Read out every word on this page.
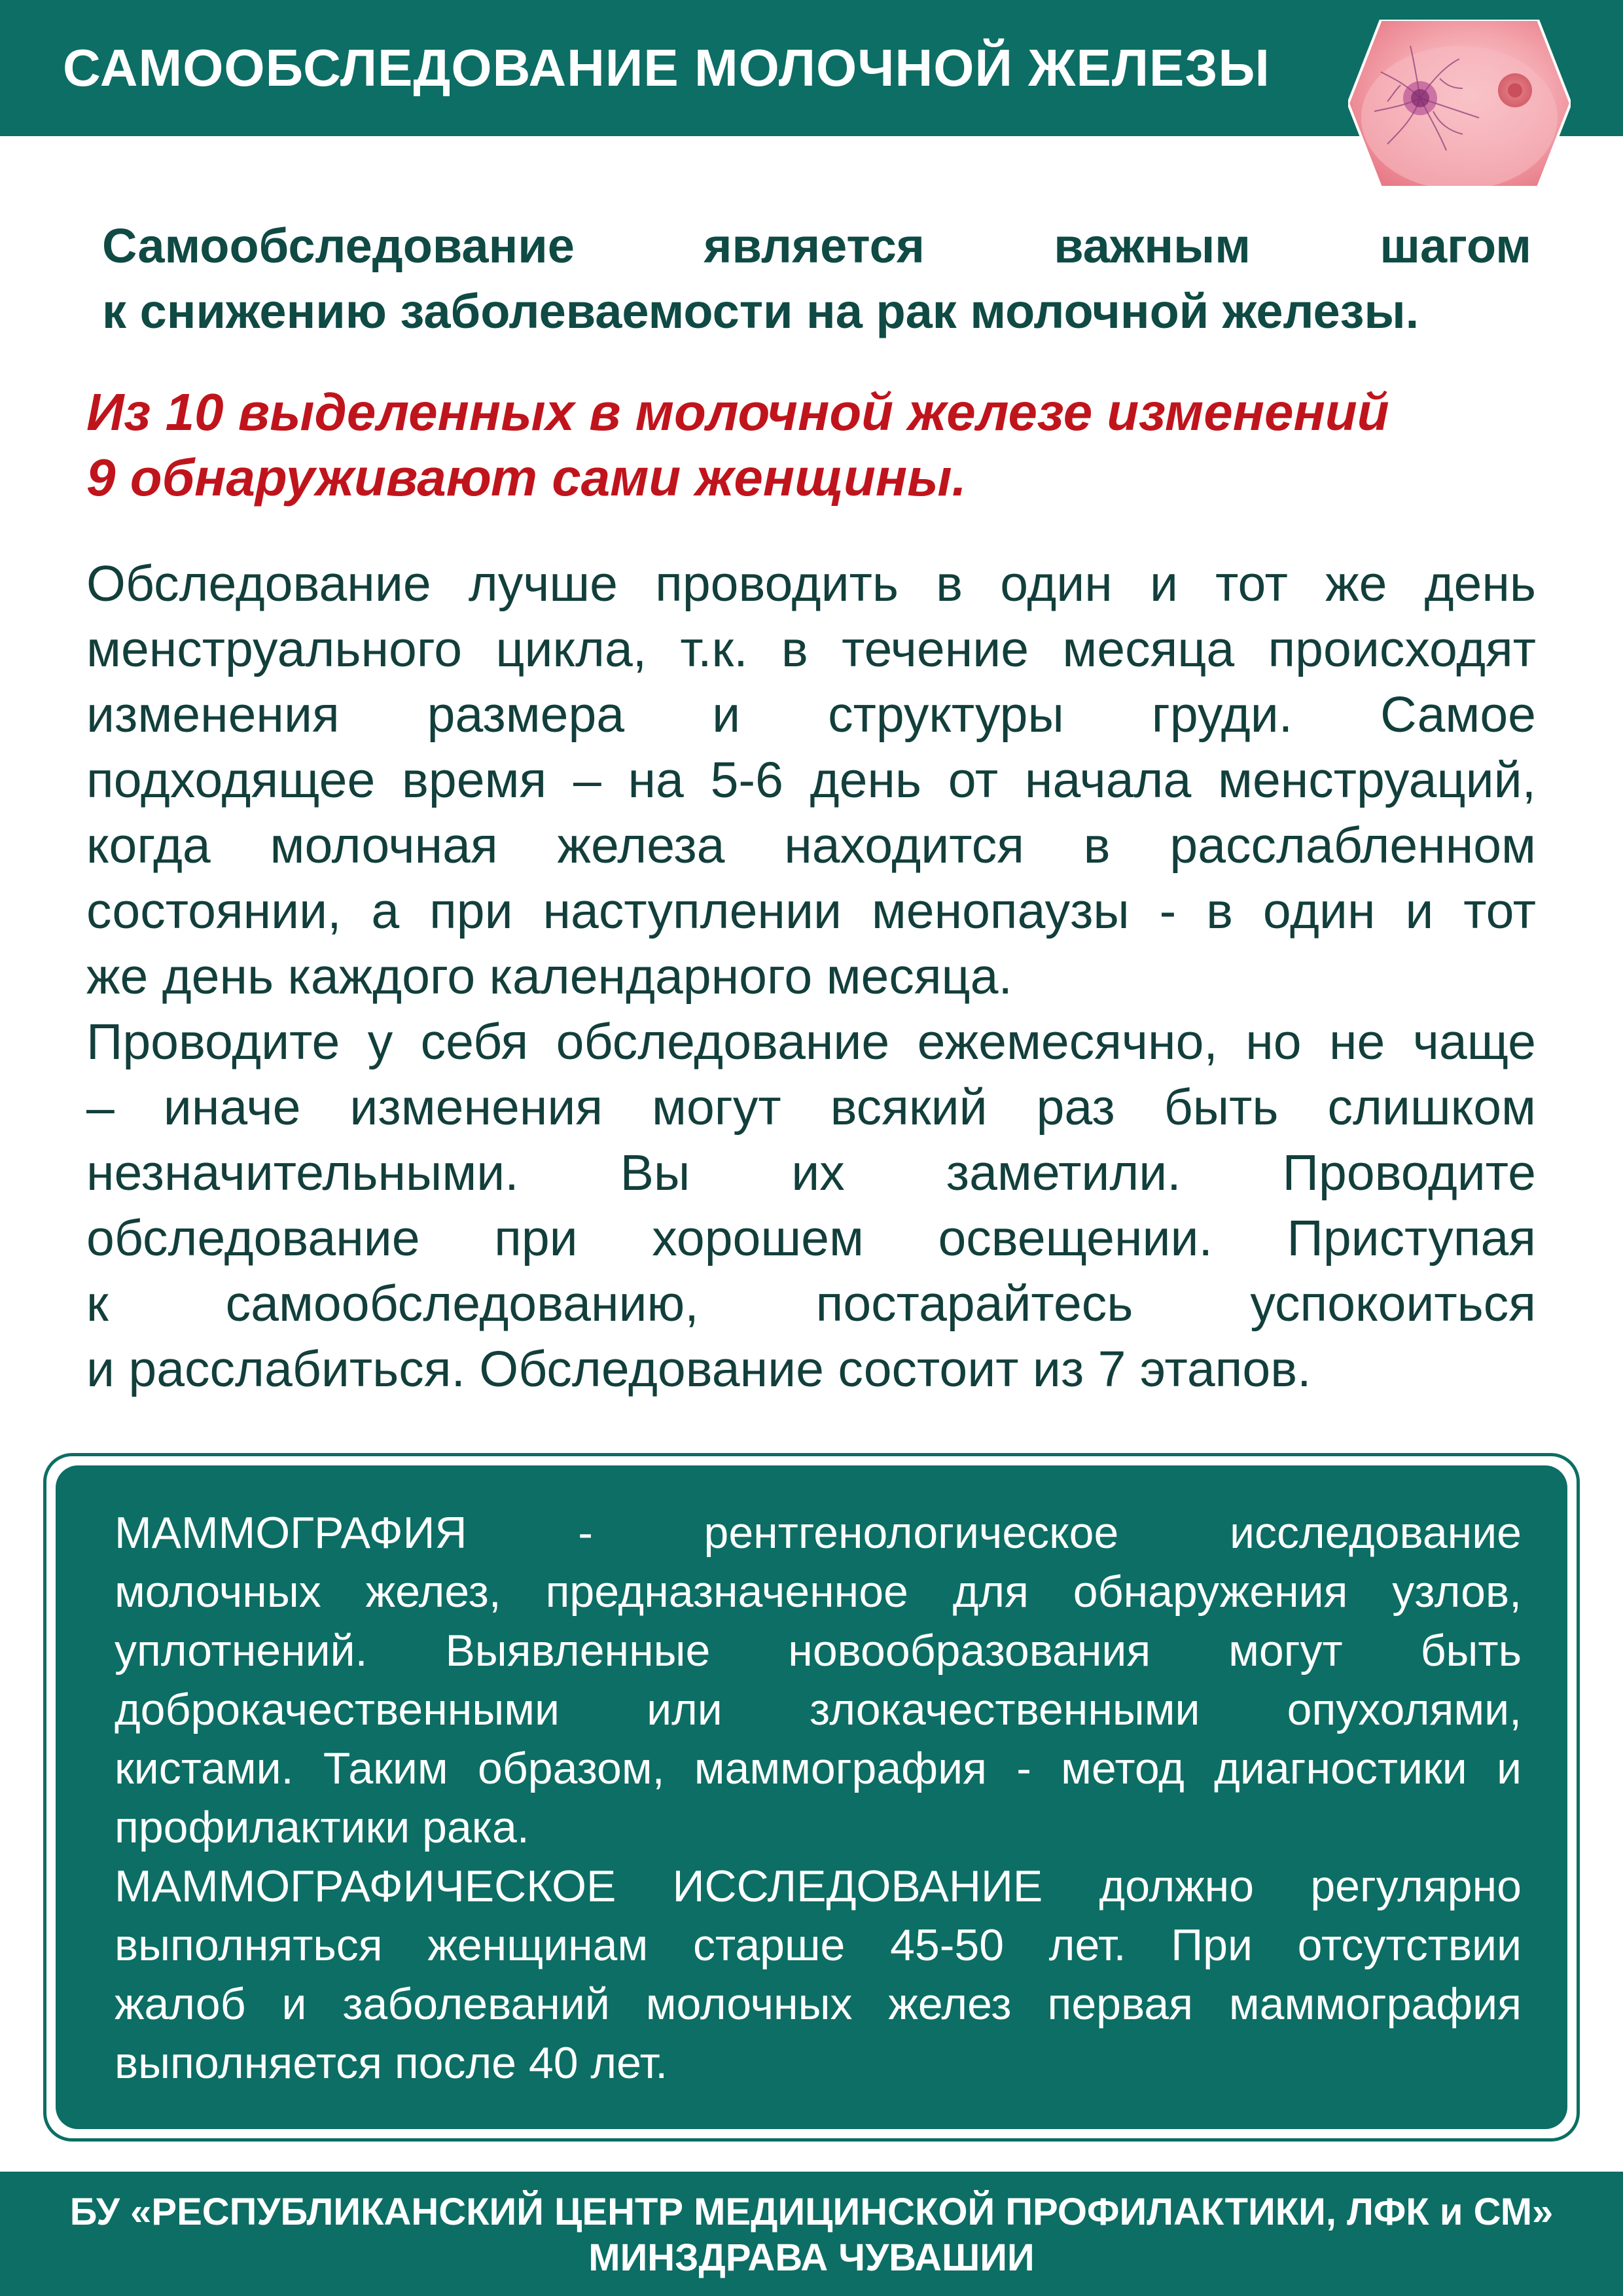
САМООБСЛЕДОВАНИЕ МОЛОЧНОЙ ЖЕЛЕЗЫ
Самообследование является важным шагом
к снижению заболеваемости на рак молочной железы.
Из 10 выделенных в молочной железе изменений
9 обнаруживают сами женщины.

Обследование лучше проводить в один и тот же день
менструального цикла, т.к. в течение месяца происходят
изменения размера и структуры груди. Самое
подходящее время – на 5-6 день от начала менструаций,
когда молочная железа находится в расслабленном
состоянии, а при наступлении менопаузы - в один и тот
же день каждого календарного месяца.

Проводите у себя обследование ежемесячно, но не чаще
– иначе изменения могут всякий раз быть слишком
незначительными. Вы их заметили. Проводите
обследование при хорошем освещении. Приступая
к самообследованию, постарайтесь успокоиться
и расслабиться. Обследование состоит из 7 этапов.

МАММОГРАФИЯ - рентгенологическое исследование
молочных желез, предназначенное для обнаружения узлов,
уплотнений. Выявленные новообразования могут быть
доброкачественными или злокачественными опухолями,
кистами. Таким образом, маммография - метод диагностики и
профилактики рака.

МАММОГРАФИЧЕСКОЕ ИССЛЕДОВАНИЕ должно регулярно
выполняться женщинам старше 45-50 лет. При отсутствии
жалоб и заболеваний молочных желез первая маммография
выполняется после 40 лет.

БУ «РЕСПУБЛИКАНСКИЙ ЦЕНТР МЕДИЦИНСКОЙ ПРОФИЛАКТИКИ, ЛФК и СМ»
МИНЗДРАВА ЧУВАШИИ
